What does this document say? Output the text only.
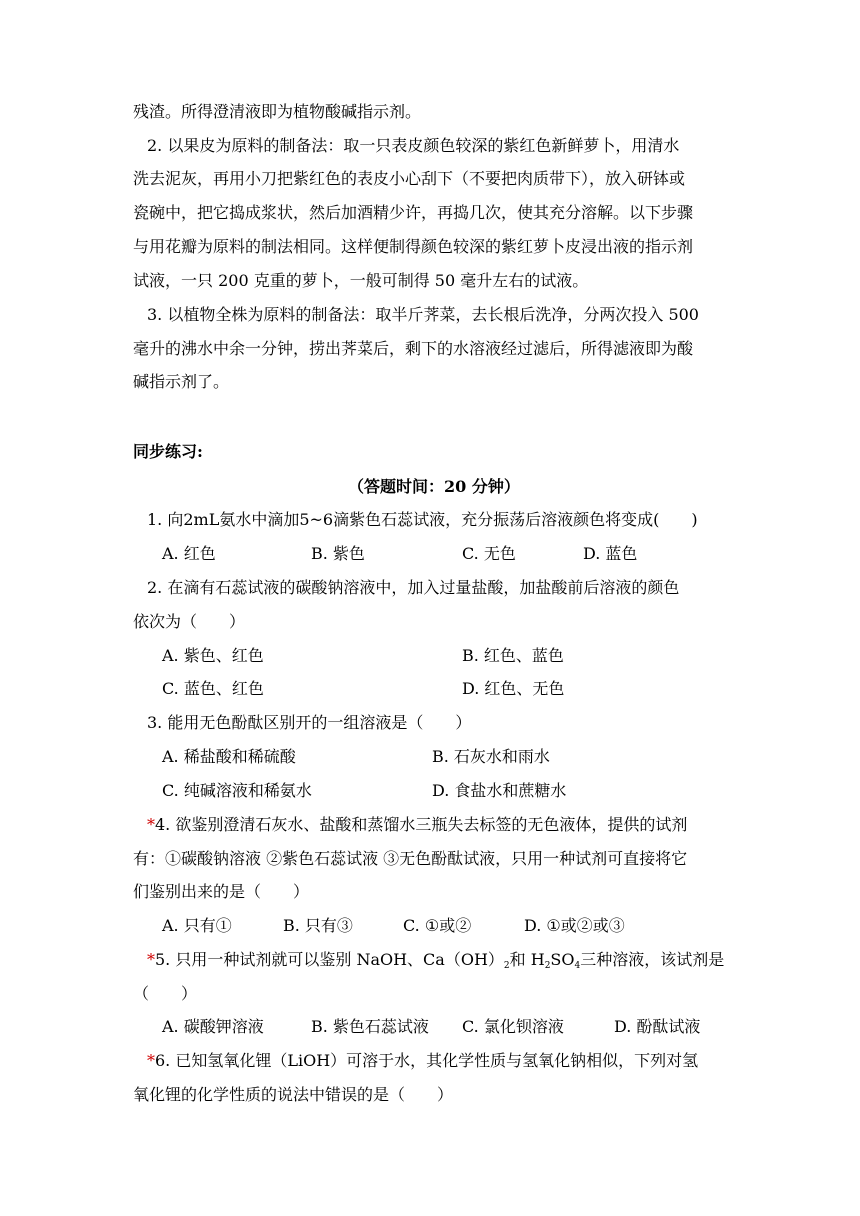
残渣。所得澄清液即为植物酸碱指示剂。
2. 以果皮为原料的制备法：取一只表皮颜色较深的紫红色新鲜萝卜，用清水
洗去泥灰，再用小刀把紫红色的表皮小心刮下（不要把肉质带下），放入研钵或
瓷碗中，把它捣成浆状，然后加酒精少许，再捣几次，使其充分溶解。以下步骤
与用花瓣为原料的制法相同。这样便制得颜色较深的紫红萝卜皮浸出液的指示剂
试液，一只 200 克重的萝卜，一般可制得 50 毫升左右的试液。
3. 以植物全株为原料的制备法：取半斤荠菜，去长根后洗净，分两次投入 500
毫升的沸水中余一分钟，捞出荠菜后，剩下的水溶液经过滤后，所得滤液即为酸
碱指示剂了。
同步练习:
（答题时间：20 分钟）
1. 向2mL氨水中滴加5~6滴紫色石蕊试液，充分振荡后溶液颜色将变成(　　)
A. 红色	B. 紫色	C. 无色	D. 蓝色
2. 在滴有石蕊试液的碳酸钠溶液中，加入过量盐酸，加盐酸前后溶液的颜色
依次为（　　）
A. 紫色、红色	B. 红色、蓝色
C. 蓝色、红色	D. 红色、无色
3. 能用无色酚酞区别开的一组溶液是（　　）
A. 稀盐酸和稀硫酸	B. 石灰水和雨水
C. 纯碱溶液和稀氨水	D. 食盐水和蔗糖水
*4. 欲鉴别澄清石灰水、盐酸和蒸馏水三瓶失去标签的无色液体，提供的试剂
有：①碳酸钠溶液 ②紫色石蕊试液 ③无色酚酞试液，只用一种试剂可直接将它
们鉴别出来的是（　　）
A. 只有①	B. 只有③	C. ①或②	D. ①或②或③
*5. 只用一种试剂就可以鉴别 NaOH、$Ca(OH)_2$和 $H_2SO_4$三种溶液，该试剂是
（　　）
A. 碳酸钾溶液	B. 紫色石蕊试液 C. 氯化钡溶液	D. 酚酞试液
*6. 已知氢氧化锂（LiOH）可溶于水，其化学性质与氢氧化钠相似，下列对氢
氧化锂的化学性质的说法中错误的是（　　）
